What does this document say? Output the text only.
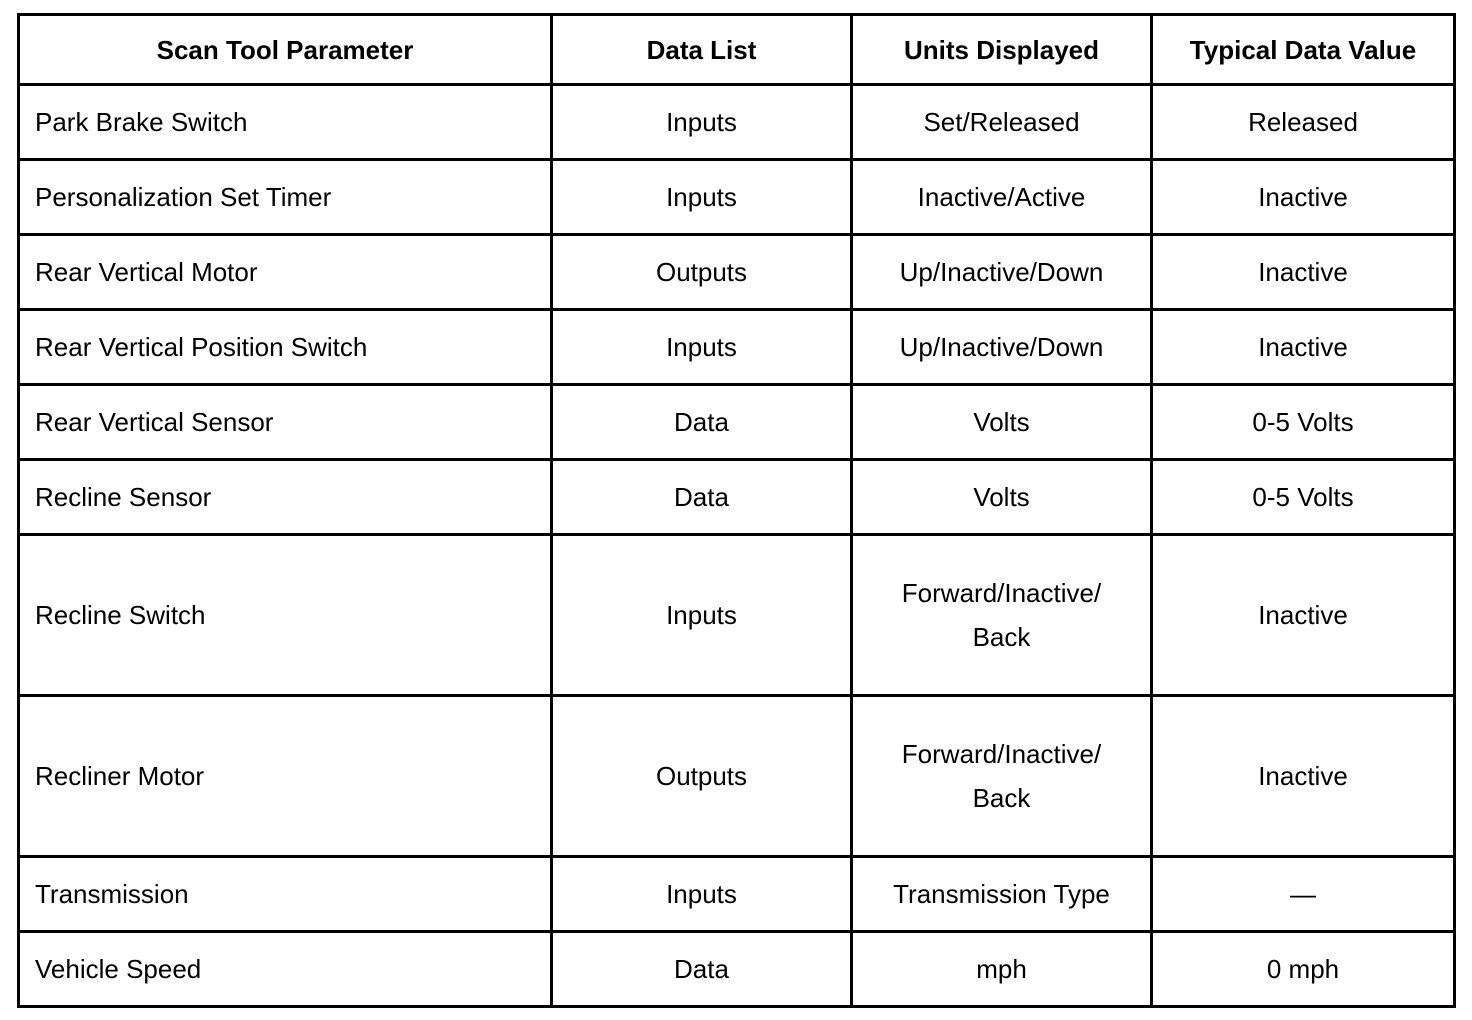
Scan Tool Parameter	Data List	Units Displayed	Typical Data Value
Park Brake Switch	Inputs	Set/Released	Released
Personalization Set Timer	Inputs	Inactive/Active	Inactive
Rear Vertical Motor	Outputs	Up/Inactive/Down	Inactive
Rear Vertical Position Switch	Inputs	Up/Inactive/Down	Inactive
Rear Vertical Sensor	Data	Volts	0-5 Volts
Recline Sensor	Data	Volts	0-5 Volts
Recline Switch	Inputs	Forward/Inactive/ Back	Inactive
Recliner Motor	Outputs	Forward/Inactive/ Back	Inactive
Transmission	Inputs	Transmission Type	—
Vehicle Speed	Data	mph	0 mph
